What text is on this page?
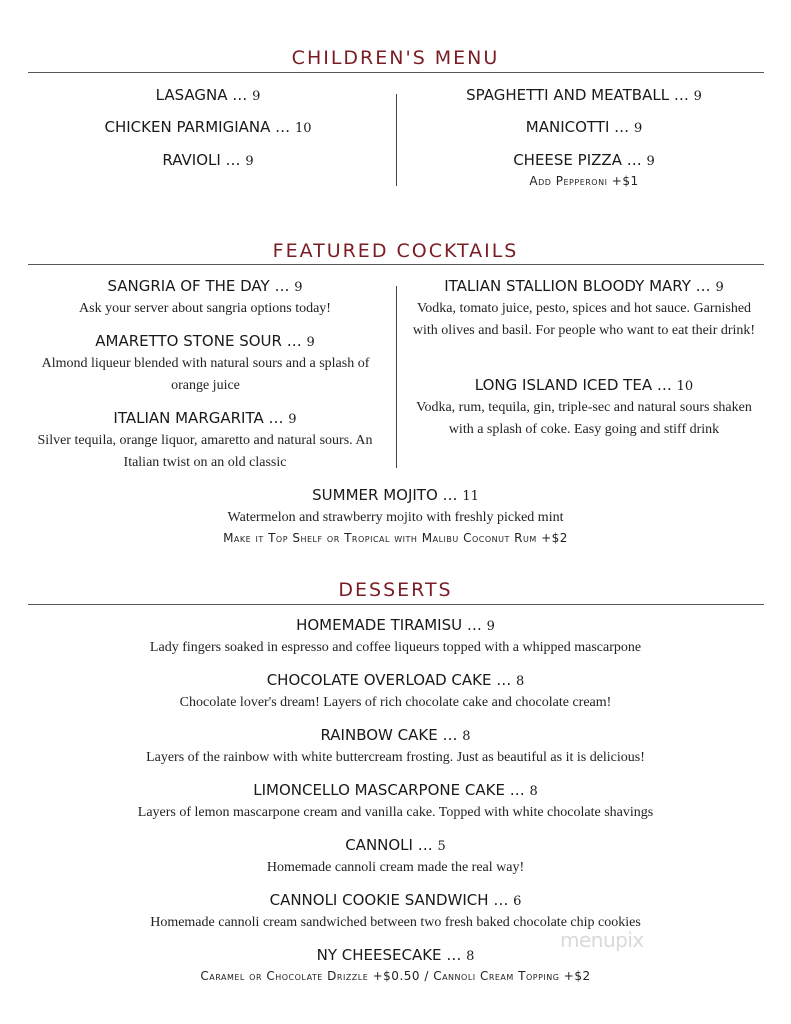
CHILDREN'S MENU
LASAGNA … 9
CHICKEN PARMIGIANA … 10
RAVIOLI … 9
SPAGHETTI AND MEATBALL … 9
MANICOTTI … 9
CHEESE PIZZA … 9
Add Pepperoni +$1
FEATURED COCKTAILS
SANGRIA OF THE DAY … 9
Ask your server about sangria options today!
AMARETTO STONE SOUR … 9
Almond liqueur blended with natural sours and a splash of orange juice
ITALIAN MARGARITA … 9
Silver tequila, orange liquor, amaretto and natural sours. An Italian twist on an old classic
ITALIAN STALLION BLOODY MARY … 9
Vodka, tomato juice, pesto, spices and hot sauce. Garnished with olives and basil. For people who want to eat their drink!
LONG ISLAND ICED TEA … 10
Vodka, rum, tequila, gin, triple-sec and natural sours shaken with a splash of coke. Easy going and stiff drink
SUMMER MOJITO … 11
Watermelon and strawberry mojito with freshly picked mint
Make it Top Shelf or Tropical with Malibu Coconut Rum +$2
DESSERTS
HOMEMADE TIRAMISU … 9
Lady fingers soaked in espresso and coffee liqueurs topped with a whipped mascarpone
CHOCOLATE OVERLOAD CAKE … 8
Chocolate lover's dream! Layers of rich chocolate cake and chocolate cream!
RAINBOW CAKE … 8
Layers of the rainbow with white buttercream frosting. Just as beautiful as it is delicious!
LIMONCELLO MASCARPONE CAKE … 8
Layers of lemon mascarpone cream and vanilla cake. Topped with white chocolate shavings
CANNOLI … 5
Homemade cannoli cream made the real way!
CANNOLI COOKIE SANDWICH … 6
Homemade cannoli cream sandwiched between two fresh baked chocolate chip cookies
NY CHEESECAKE … 8
Caramel or Chocolate Drizzle +$0.50 / Cannoli Cream Topping +$2
menupix
